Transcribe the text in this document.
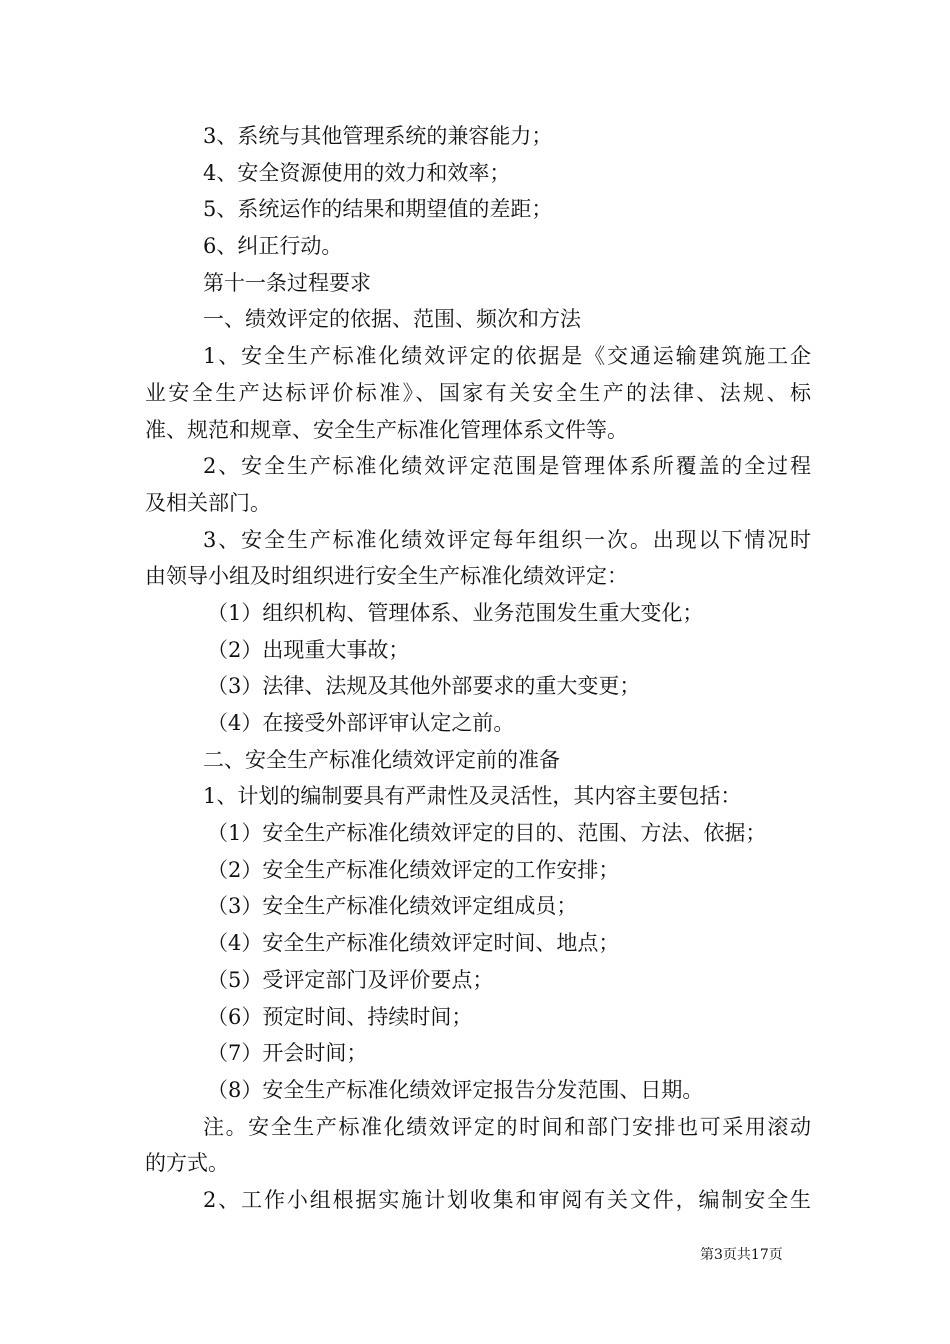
3、系统与其他管理系统的兼容能力；
4、安全资源使用的效力和效率；
5、系统运作的结果和期望值的差距；
6、纠正行动。
第十一条过程要求
一、绩效评定的依据、范围、频次和方法
1、安全生产标准化绩效评定的依据是《交通运输建筑施工企
业安全生产达标评价标准》、国家有关安全生产的法律、法规、标
准、规范和规章、安全生产标准化管理体系文件等。
2、安全生产标准化绩效评定范围是管理体系所覆盖的全过程
及相关部门。
3、安全生产标准化绩效评定每年组织一次。出现以下情况时
由领导小组及时组织进行安全生产标准化绩效评定：
（1）组织机构、管理体系、业务范围发生重大变化；
（2）出现重大事故；
（3）法律、法规及其他外部要求的重大变更；
（4）在接受外部评审认定之前。
二、安全生产标准化绩效评定前的准备
1、计划的编制要具有严肃性及灵活性，其内容主要包括：
（1）安全生产标准化绩效评定的目的、范围、方法、依据；
（2）安全生产标准化绩效评定的工作安排；
（3）安全生产标准化绩效评定组成员；
（4）安全生产标准化绩效评定时间、地点；
（5）受评定部门及评价要点；
（6）预定时间、持续时间；
（7）开会时间；
（8）安全生产标准化绩效评定报告分发范围、日期。
注。安全生产标准化绩效评定的时间和部门安排也可采用滚动
的方式。
2、工作小组根据实施计划收集和审阅有关文件，编制安全生
第3页共17页
